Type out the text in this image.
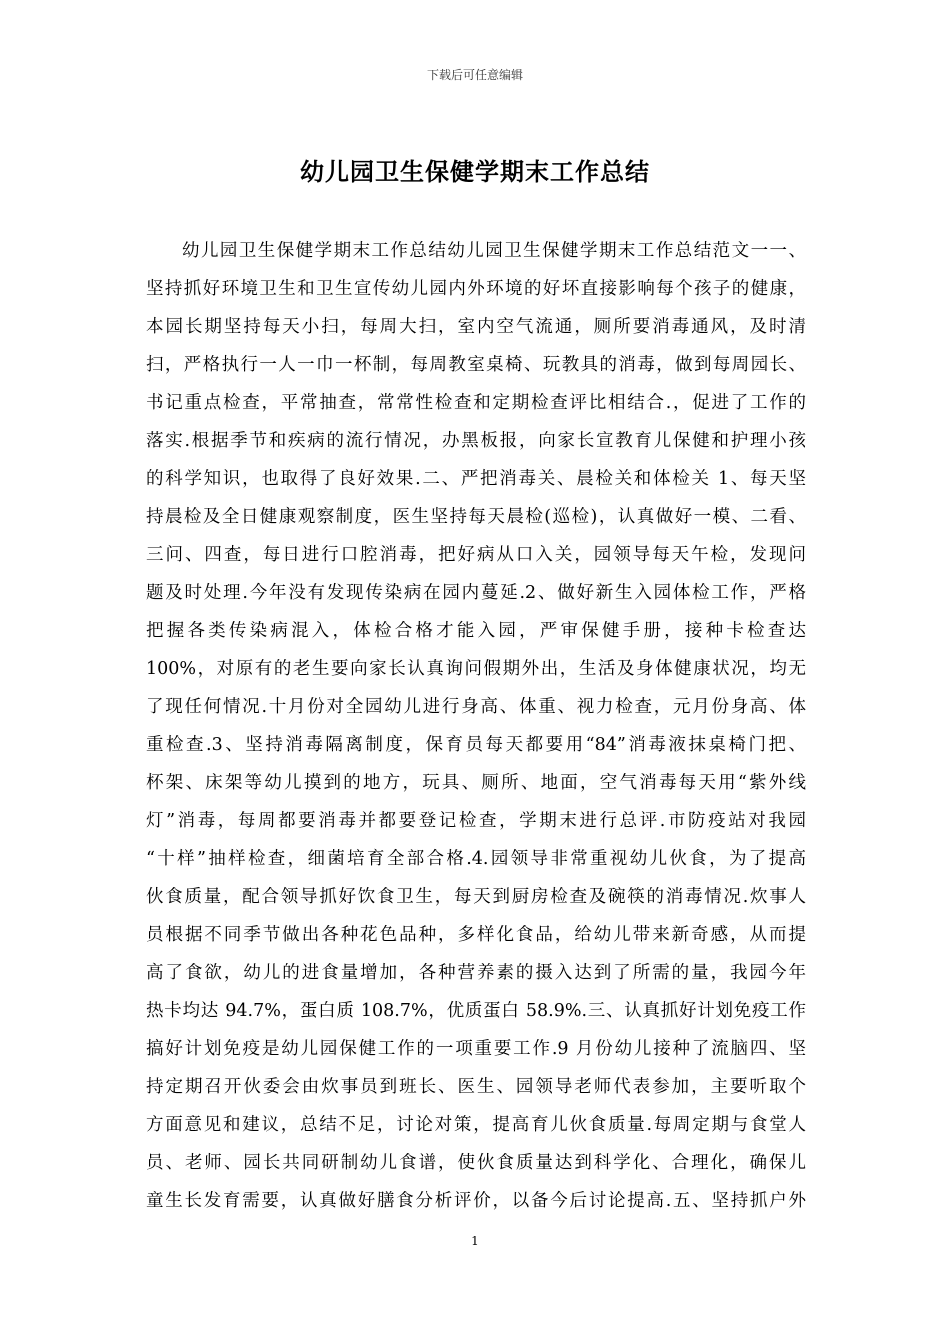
下载后可任意编辑
幼儿园卫生保健学期末工作总结
幼儿园卫生保健学期末工作总结幼儿园卫生保健学期末工作总结范文一一、
坚持抓好环境卫生和卫生宣传幼儿园内外环境的好坏直接影响每个孩子的健康，
本园长期坚持每天小扫，每周大扫，室内空气流通，厕所要消毒通风，及时清
扫，严格执行一人一巾一杯制，每周教室桌椅、玩教具的消毒，做到每周园长、
书记重点检查，平常抽查，常常性检查和定期检查评比相结合.，促进了工作的
落实.根据季节和疾病的流行情况，办黑板报，向家长宣教育儿保健和护理小孩
的科学知识，也取得了良好效果.二、严把消毒关、晨检关和体检关 1、每天坚
持晨检及全日健康观察制度，医生坚持每天晨检(巡检)，认真做好一模、二看、
三问、四查，每日进行口腔消毒，把好病从口入关，园领导每天午检，发现问
题及时处理.今年没有发现传染病在园内蔓延.2、做好新生入园体检工作，严格
把握各类传染病混入，体检合格才能入园，严审保健手册，接种卡检查达
100%，对原有的老生要向家长认真询问假期外出，生活及身体健康状况，均无
了现任何情况.十月份对全园幼儿进行身高、体重、视力检查，元月份身高、体
重检查.3、坚持消毒隔离制度，保育员每天都要用“84”消毒液抹桌椅门把、
杯架、床架等幼儿摸到的地方，玩具、厕所、地面，空气消毒每天用“紫外线
灯”消毒，每周都要消毒并都要登记检查，学期末进行总评.市防疫站对我园
“十样”抽样检查，细菌培育全部合格.4.园领导非常重视幼儿伙食，为了提高
伙食质量，配合领导抓好饮食卫生，每天到厨房检查及碗筷的消毒情况.炊事人
员根据不同季节做出各种花色品种，多样化食品，给幼儿带来新奇感，从而提
高了食欲，幼儿的进食量增加，各种营养素的摄入达到了所需的量，我园今年
热卡均达 94.7%，蛋白质 108.7%，优质蛋白 58.9%.三、认真抓好计划免疫工作
搞好计划免疫是幼儿园保健工作的一项重要工作.9 月份幼儿接种了流脑四、坚
持定期召开伙委会由炊事员到班长、医生、园领导老师代表参加，主要听取个
方面意见和建议，总结不足，讨论对策，提高育儿伙食质量.每周定期与食堂人
员、老师、园长共同研制幼儿食谱，使伙食质量达到科学化、合理化，确保儿
童生长发育需要，认真做好膳食分析评价，以备今后讨论提高.五、坚持抓户外
1
